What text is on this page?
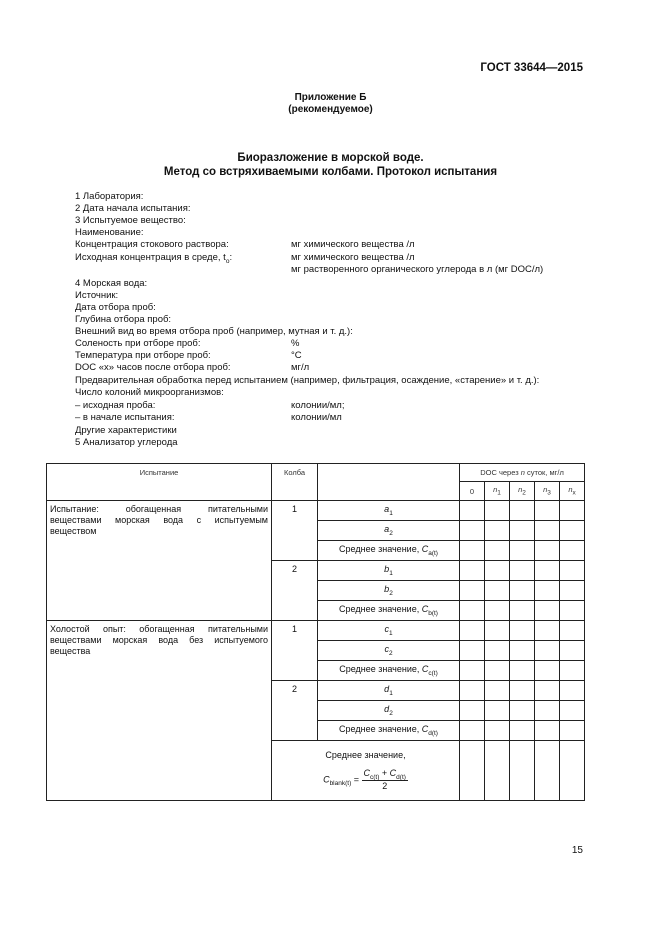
ГОСТ 33644—2015
Приложение Б
(рекомендуемое)
Биоразложение в морской воде.
Метод со встряхиваемыми колбами. Протокол испытания
1 Лаборатория:
2 Дата начала испытания:
3 Испытуемое вещество:
Наименование:
Концентрация стокового раствора:	мг химического вещества /л
Исходная концентрация в среде, $t_o$:	мг химического вещества /л
мг растворенного органического углерода в л (мг DOC/л)
4 Морская вода:
Источник:
Дата отбора проб:
Глубина отбора проб:
Внешний вид во время отбора проб (например, мутная и т. д.):
Соленость при отборе проб:	%
Температура при отборе проб:	°С
DOC «x» часов после отбора проб:	мг/л
Предварительная обработка перед испытанием (например, фильтрация, осаждение, «старение» и т. д.):
Число колоний микроорганизмов:
– исходная проба:	колонии/мл;
– в начале испытания:	колонии/мл
Другие характеристики
5 Анализатор углерода
Испытание	Колба		DOC через n суток, мг/л				
			0	$n_1$	$n_2$	$n_3$	$n_x$
Испытание: обогащенная питательными веществами морская вода с испытуемым веществом	1	$a_1$					
		$a_2$					
		Среднее значение, $C_{a(t)}$					
	2	$b_1$					
		$b_2$					
		Среднее значение, $C_{b(t)}$					
Холостой опыт: обогащенная питательными веществами морская вода без испытуемого вещества	1	$c_1$					
		$c_2$					
		Среднее значение, $C_{c(t)}$					
	2	$d_1$					
		$d_2$					
		Среднее значение, $C_{d(t)}$					

	Среднее значение,
$C_{blank(t)} = \frac{C_{c(t)} + C_{d(t)}}{2}$

15
